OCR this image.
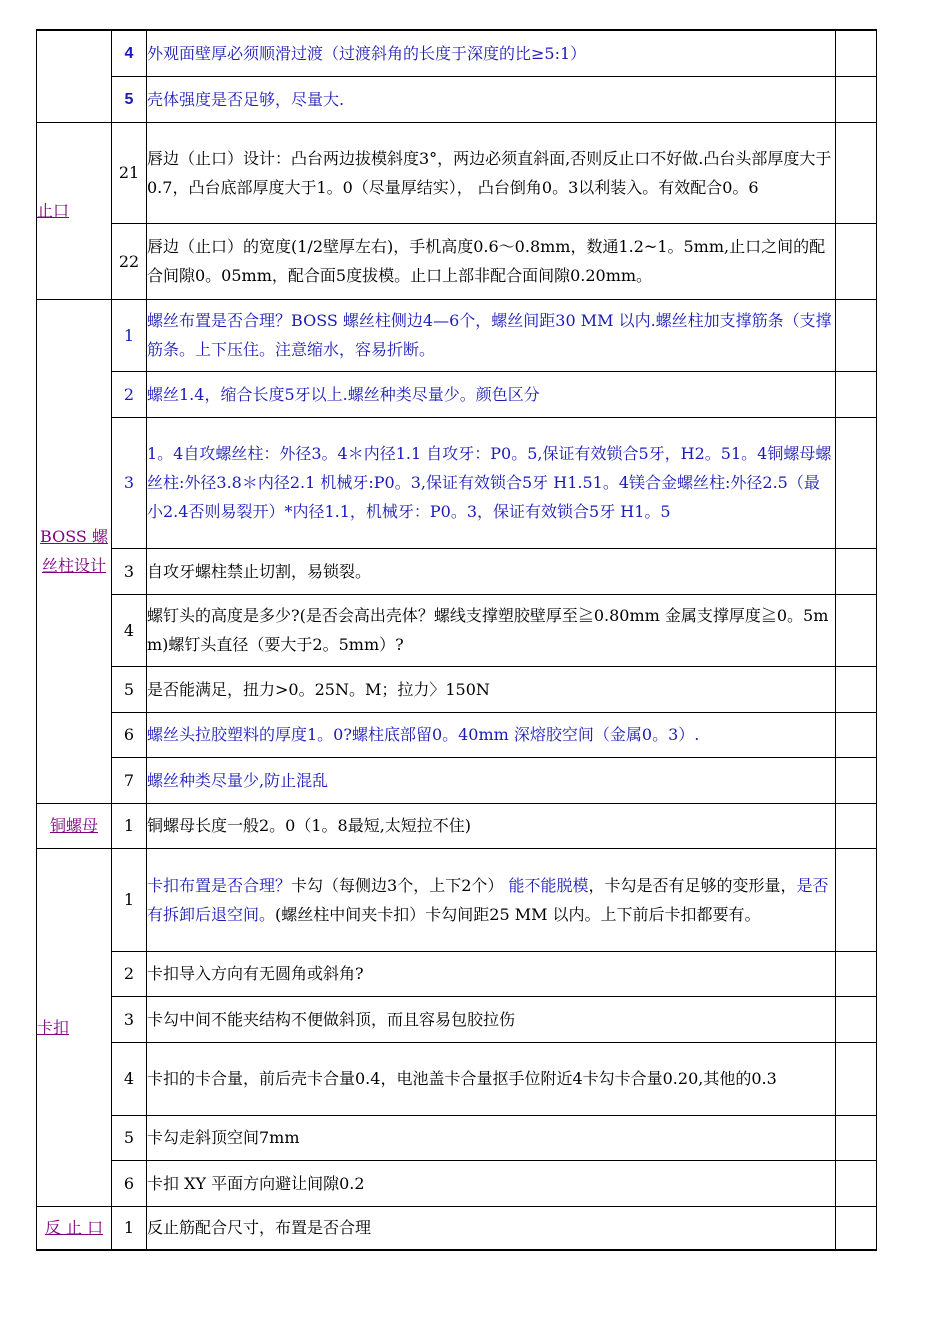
	4	外观面壁厚必须顺滑过渡（过渡斜角的长度于深度的比≥5:1）	
	5	壳体强度是否足够，尽量大.	
止口	21	唇边（止口）设计：凸台两边拔模斜度3°，两边必须直斜面,否则反止口不好做.凸台头部厚度大于0.7，凸台底部厚度大于1。0（尽量厚结实）， 凸台倒角0。3以利装入。有效配合0。6	
	22	唇边（止口）的宽度(1/2壁厚左右)，手机高度0.6～0.8mm，数通1.2~1。5mm,止口之间的配合间隙0。05mm，配合面5度拔模。止口上部非配合面间隙0.20mm。	
BOSS 螺丝柱设计	1	螺丝布置是否合理？BOSS 螺丝柱侧边4—6个，螺丝间距30 MM 以内.螺丝柱加支撑筋条（支撑筋条。上下压住。注意缩水，容易折断。	
	2	螺丝1.4，缩合长度5牙以上.螺丝种类尽量少。颜色区分	
	3	1。4自攻螺丝柱：外径3。4＊内径1.1 自攻牙：P0。5,保证有效锁合5牙，H2。51。4铜螺母螺丝柱:外径3.8＊内径2.1 机械牙:P0。3,保证有效锁合5牙 H1.51。4镁合金螺丝柱:外径2.5（最小2.4否则易裂开）*内径1.1，机械牙：P0。3，保证有效锁合5牙 H1。5	
	3	自攻牙螺柱禁止切割，易锁裂。	
	4	螺钉头的高度是多少?(是否会高出壳体？螺线支撑塑胶壁厚至≧0.80mm 金属支撑厚度≧0。5mm)螺钉头直径（要大于2。5mm）?	
	5	是否能满足，扭力>0。25N。M；拉力〉150N	
	6	螺丝头拉胶塑料的厚度1。0?螺柱底部留0。40mm 深熔胶空间（金属0。3）.	
	7	螺丝种类尽量少,防止混乱	
铜螺母	1	铜螺母长度一般2。0（1。8最短,太短拉不住)	
卡扣	1	卡扣布置是否合理？卡勾（每侧边3个，上下2个） 能不能脱模，卡勾是否有足够的变形量，是否有拆卸后退空间。(螺丝柱中间夹卡扣）卡勾间距25 MM 以内。上下前后卡扣都要有。	
	2	卡扣导入方向有无圆角或斜角?	
	3	卡勾中间不能夹结构不便做斜顶，而且容易包胶拉伤	
	4	卡扣的卡合量，前后壳卡合量0.4，电池盖卡合量抠手位附近4卡勾卡合量0.20,其他的0.3	
	5	卡勾走斜顶空间7mm	
	6	卡扣 XY 平面方向避让间隙0.2	
反 止 口	1	反止筋配合尺寸，布置是否合理	
